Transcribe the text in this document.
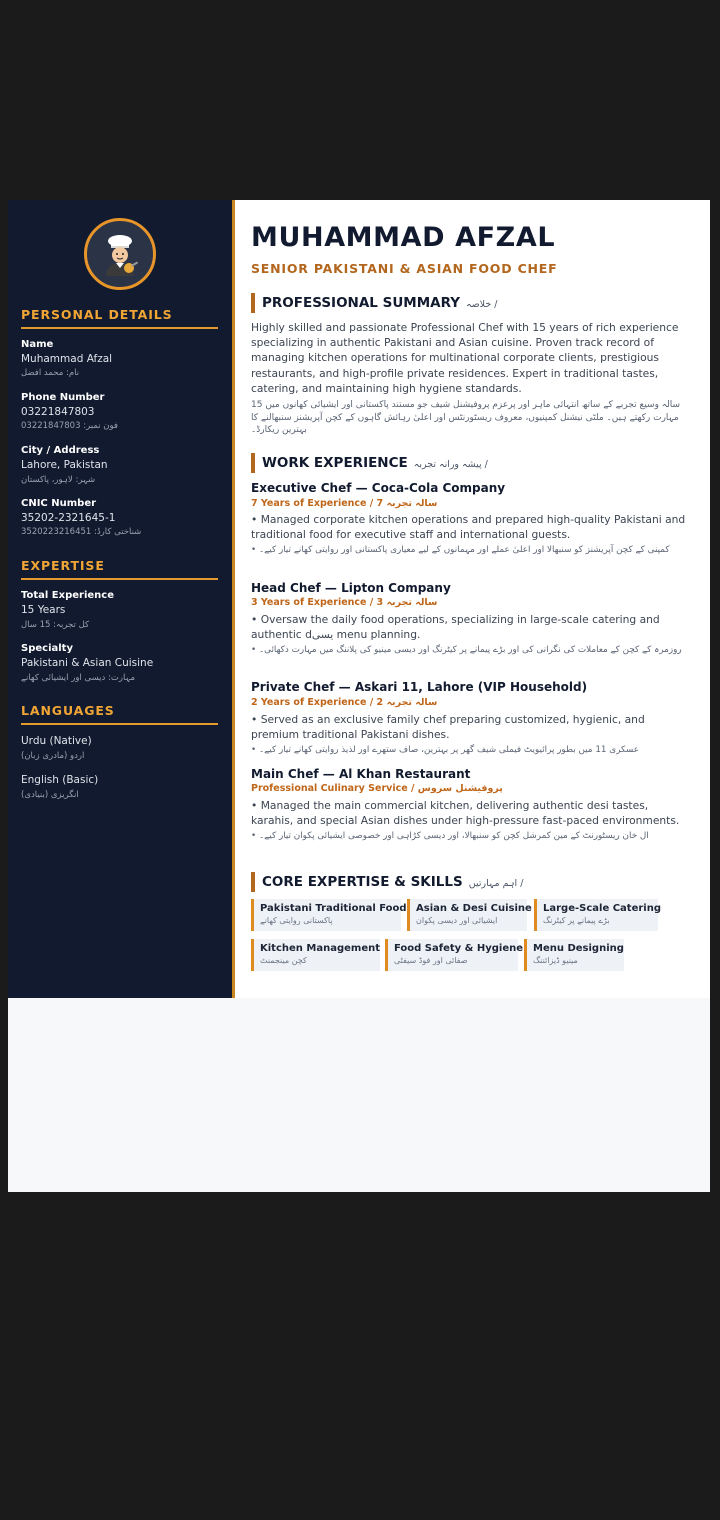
PERSONAL DETAILS
Name
Muhammad Afzal
نام: محمد افضل
Phone Number
03221847803
03221847803 :فون نمبر
City / Address
Lahore, Pakistan
شہر: لاہور، پاکستان
CNIC Number
35202-2321645-1
3520223216451 :شناختی کارڈ
EXPERTISE
Total Experience
15 Years
کل تجربہ: 15 سال
Specialty
Pakistani & Asian Cuisine
مہارت: دیسی اور ایشیائی کھانے
LANGUAGES
Urdu (Native)
اردو (مادری زبان)
English (Basic)
انگریزی (بنیادی)
MUHAMMAD AFZAL
SENIOR PAKISTANI & ASIAN FOOD CHEF
PROFESSIONAL SUMMARY خلاصہ /

Highly skilled and passionate Professional Chef with 15 years of rich experience specializing in authentic Pakistani and Asian cuisine. Proven track record of managing kitchen operations for multinational corporate clients, prestigious restaurants, and high-profile private residences. Expert in traditional tastes, catering, and maintaining high hygiene standards.

15 سالہ وسیع تجربے کے ساتھ انتہائی ماہر اور پرعزم پروفیشنل شیف جو مستند پاکستانی اور ایشیائی کھانوں میں مہارت رکھتے ہیں۔ ملٹی نیشنل کمپنیوں، معروف ریسٹورنٹس اور اعلیٰ رہائش گاہوں کے کچن آپریشنز سنبھالنے کا بہترین ریکارڈ۔

WORK EXPERIENCE پیشہ ورانہ تجربہ /
Executive Chef — Coca-Cola Company
7 Years of Experience / 7 سالہ تجربہ

• Managed corporate kitchen operations and prepared high-quality Pakistani and traditional food for executive staff and international guests.

• کمپنی کے کچن آپریشنز کو سنبھالا اور اعلیٰ عملے اور مہمانوں کے لیے معیاری پاکستانی اور روایتی کھانے تیار کیے۔

Head Chef — Lipton Company
3 Years of Experience / 3 سالہ تجربہ

• Oversaw the daily food operations, specializing in large-scale catering and authentic dیسی menu planning.

• روزمرہ کے کچن کے معاملات کی نگرانی کی اور بڑے پیمانے پر کیٹرنگ اور دیسی مینیو کی پلاننگ میں مہارت دکھائی۔

Private Chef — Askari 11, Lahore (VIP Household)
2 Years of Experience / 2 سالہ تجربہ

• Served as an exclusive family chef preparing customized, hygienic, and premium traditional Pakistani dishes.

• عسکری 11 میں بطور پرائیویٹ فیملی شیف گھر پر بہترین، صاف ستھرے اور لذیذ روایتی کھانے تیار کیے۔

Main Chef — Al Khan Restaurant
Professional Culinary Service / پروفیشنل سروس

• Managed the main commercial kitchen, delivering authentic desi tastes, karahis, and special Asian dishes under high-pressure fast-paced environments.

• ال خان ریسٹورنٹ کے مین کمرشل کچن کو سنبھالا، اور دیسی کڑاہی اور خصوصی ایشیائی پکوان تیار کیے۔

CORE EXPERTISE & SKILLS اہم مہارتیں /
Pakistani Traditional Food
پاکستانی روایتی کھانے
Asian & Desi Cuisine
ایشیائی اور دیسی پکوان
Large-Scale Catering
بڑے پیمانے پر کیٹرنگ
Kitchen Management
کچن مینجمنٹ
Food Safety & Hygiene
صفائی اور فوڈ سیفٹی
Menu Designing
مینیو ڈیزائننگ
